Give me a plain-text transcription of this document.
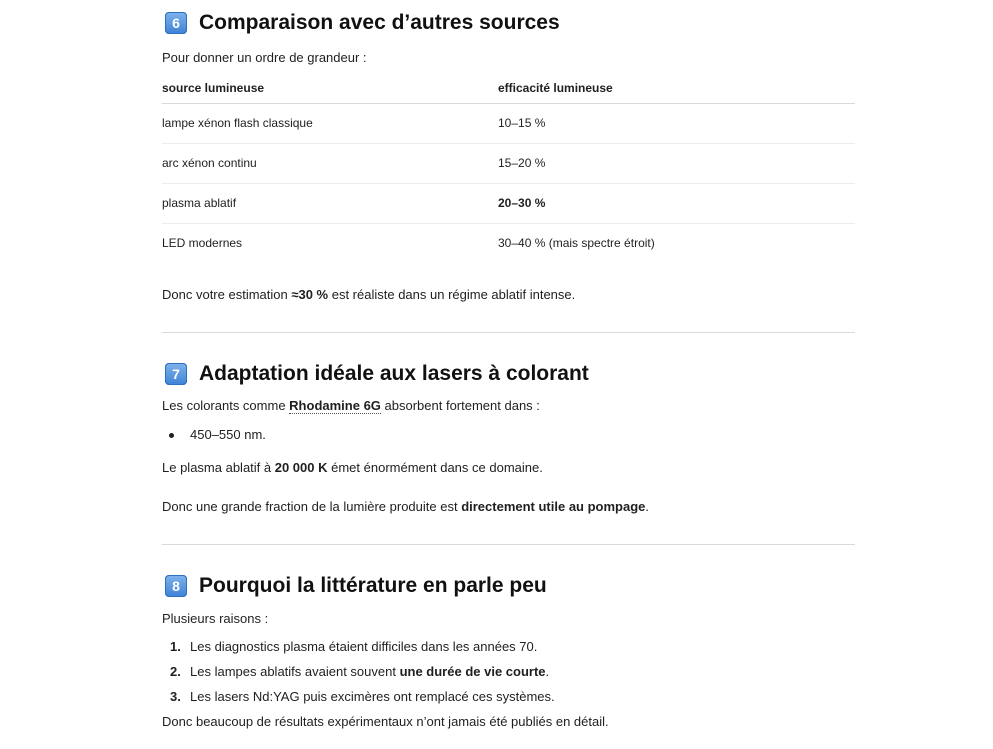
6 Comparaison avec d’autres sources

Pour donner un ordre de grandeur :

source lumineuse	efficacité lumineuse
lampe xénon flash classique	10–15 %
arc xénon continu	15–20 %
plasma ablatif	20–30 %
LED modernes	30–40 % (mais spectre étroit)

Donc votre estimation ≈30 % est réaliste dans un régime ablatif intense.

7 Adaptation idéale aux lasers à colorant

Les colorants comme Rhodamine 6G absorbent fortement dans :

450–550 nm.

Le plasma ablatif à 20 000 K émet énormément dans ce domaine.

Donc une grande fraction de la lumière produite est directement utile au pompage.

8 Pourquoi la littérature en parle peu

Plusieurs raisons :

1. Les diagnostics plasma étaient difficiles dans les années 70.
2. Les lampes ablatifs avaient souvent une durée de vie courte.
3. Les lasers Nd:YAG puis excimères ont remplacé ces systèmes.

Donc beaucoup de résultats expérimentaux n’ont jamais été publiés en détail.
